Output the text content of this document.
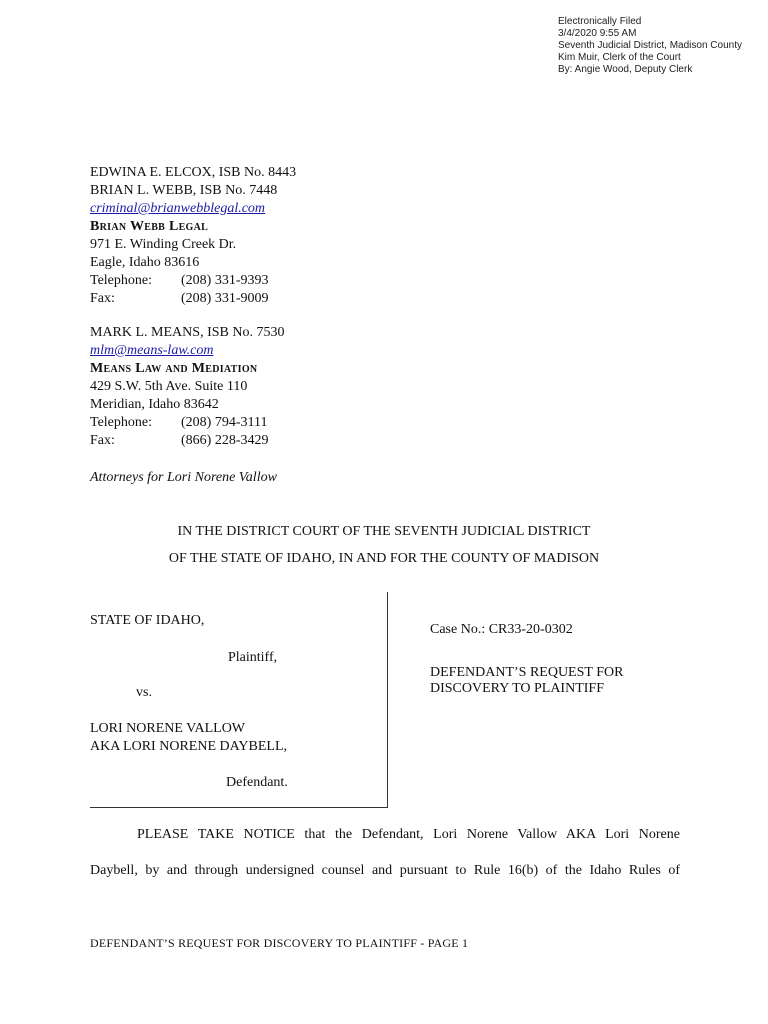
Electronically Filed
3/4/2020 9:55 AM
Seventh Judicial District, Madison County
Kim Muir, Clerk of the Court
By: Angie Wood, Deputy Clerk
EDWINA E. ELCOX, ISB No. 8443
BRIAN L. WEBB, ISB No. 7448
criminal@brianwebblegal.com
Brian Webb Legal
971 E. Winding Creek Dr.
Eagle, Idaho 83616
Telephone:	(208) 331-9393
Fax:	(208) 331-9009
MARK L. MEANS, ISB No. 7530
mlm@means-law.com
Means Law and Mediation
429 S.W. 5th Ave. Suite 110
Meridian, Idaho 83642
Telephone:	(208) 794-3111
Fax:	(866) 228-3429
Attorneys for Lori Norene Vallow
IN THE DISTRICT COURT OF THE SEVENTH JUDICIAL DISTRICT
OF THE STATE OF IDAHO, IN AND FOR THE COUNTY OF MADISON
STATE OF IDAHO,
Plaintiff,
vs.
LORI NORENE VALLOW
AKA LORI NORENE DAYBELL,
Defendant.
Case No.: CR33-20-0302
DEFENDANT’S REQUEST FOR
DISCOVERY TO PLAINTIFF
PLEASE TAKE NOTICE that the Defendant, Lori Norene Vallow AKA Lori Norene
Daybell, by and through undersigned counsel and pursuant to Rule 16(b) of the Idaho Rules of
DEFENDANT’S REQUEST FOR DISCOVERY TO PLAINTIFF - PAGE 1
